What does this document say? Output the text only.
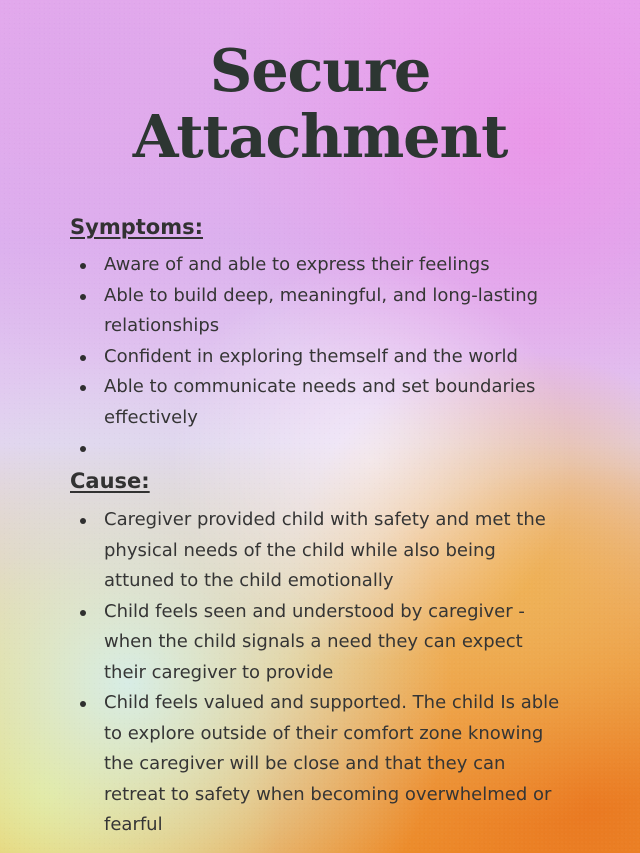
Secure
Attachment
Symptoms:
Aware of and able to express their feelings
Able to build deep, meaningful, and long-lasting relationships
Confident in exploring themself and the world
Able to communicate needs and set boundaries effectively
Cause:
Caregiver provided child with safety and met the physical needs of the child while also being attuned to the child emotionally
Child feels seen and understood by caregiver - when the child signals a need they can expect their caregiver to provide
Child feels valued and supported. The child Is able to explore outside of their comfort zone knowing the caregiver will be close and that they can retreat to safety when becoming overwhelmed or fearful
